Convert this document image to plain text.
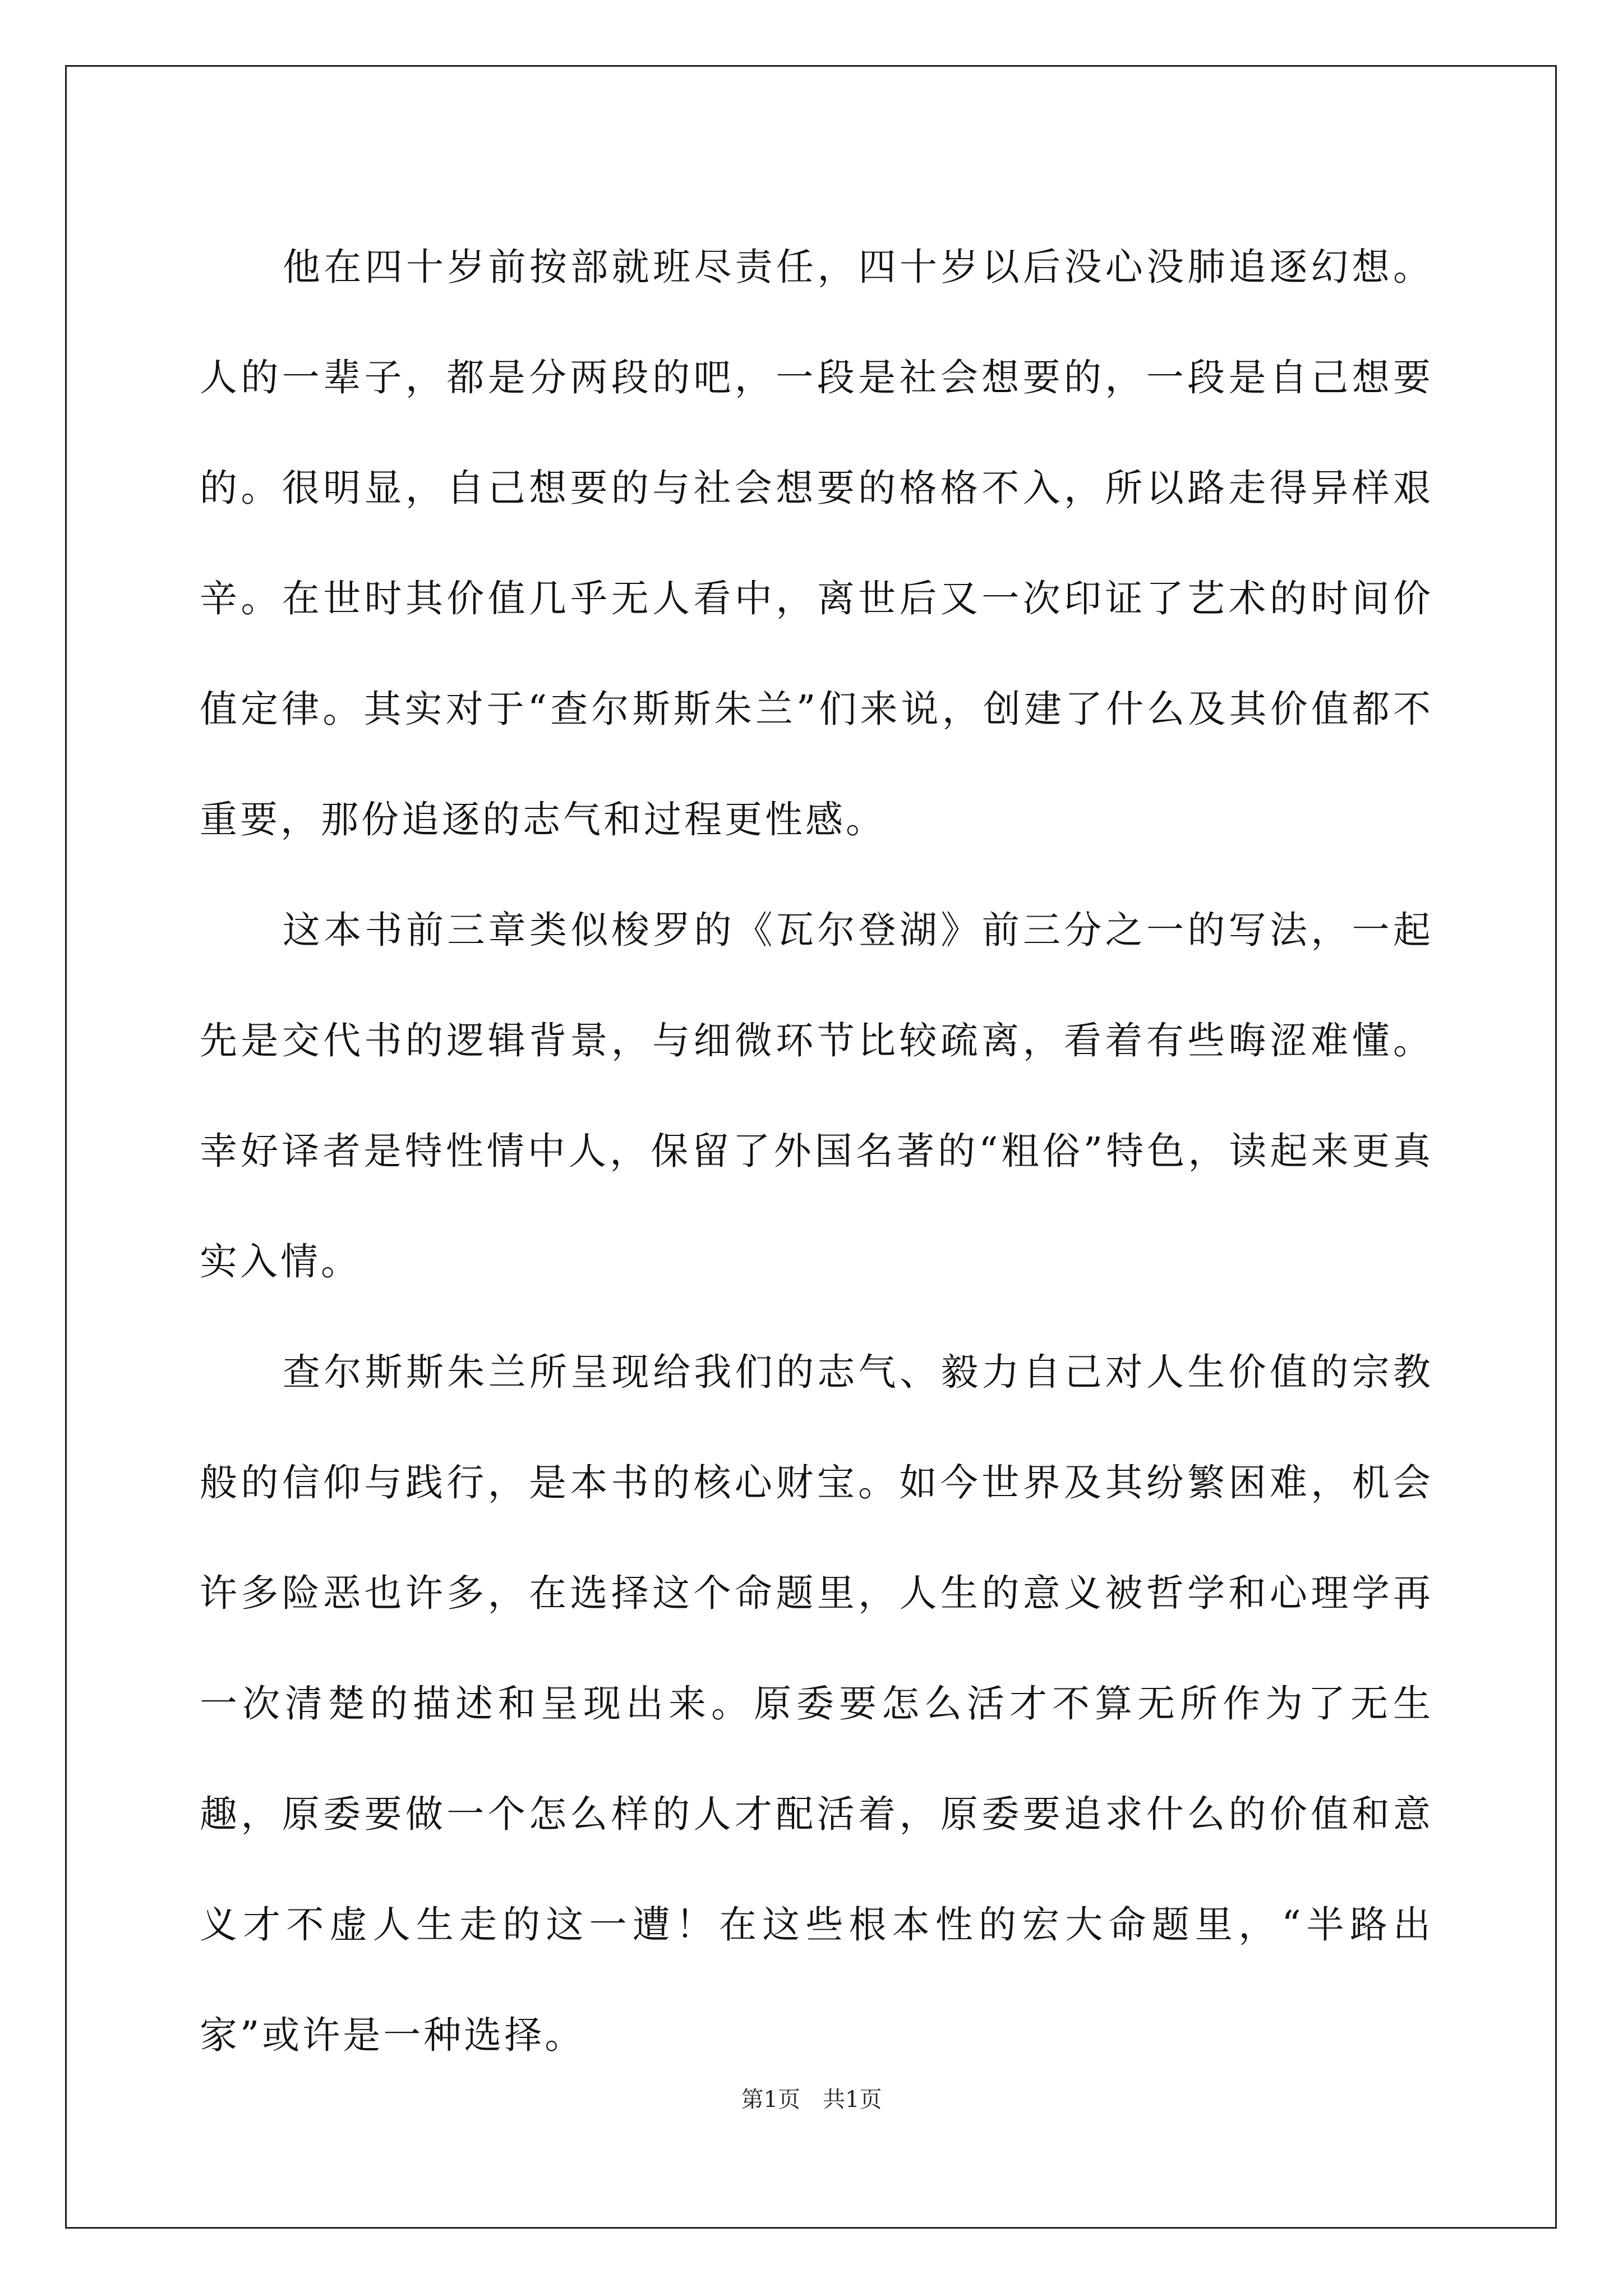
他在四十岁前按部就班尽责任，四十岁以后没心没肺追逐幻想。人的一辈子，都是分两段的吧，一段是社会想要的，一段是自己想要的。很明显，自己想要的与社会想要的格格不入，所以路走得异样艰辛。在世时其价值几乎无人看中，离世后又一次印证了艺术的时间价值定律。其实对于“查尔斯斯朱兰”们来说，创建了什么及其价值都不重要，那份追逐的志气和过程更性感。

这本书前三章类似梭罗的《瓦尔登湖》前三分之一的写法，一起先是交代书的逻辑背景，与细微环节比较疏离，看着有些晦涩难懂。幸好译者是特性情中人，保留了外国名著的“粗俗”特色，读起来更真实入情。

查尔斯斯朱兰所呈现给我们的志气、毅力自己对人生价值的宗教般的信仰与践行，是本书的核心财宝。如今世界及其纷繁困难，机会许多险恶也许多，在选择这个命题里，人生的意义被哲学和心理学再一次清楚的描述和呈现出来。原委要怎么活才不算无所作为了无生趣，原委要做一个怎么样的人才配活着，原委要追求什么的价值和意义才不虚人生走的这一遭！在这些根本性的宏大命题里，“半路出家”或许是一种选择。

第1页　共1页
